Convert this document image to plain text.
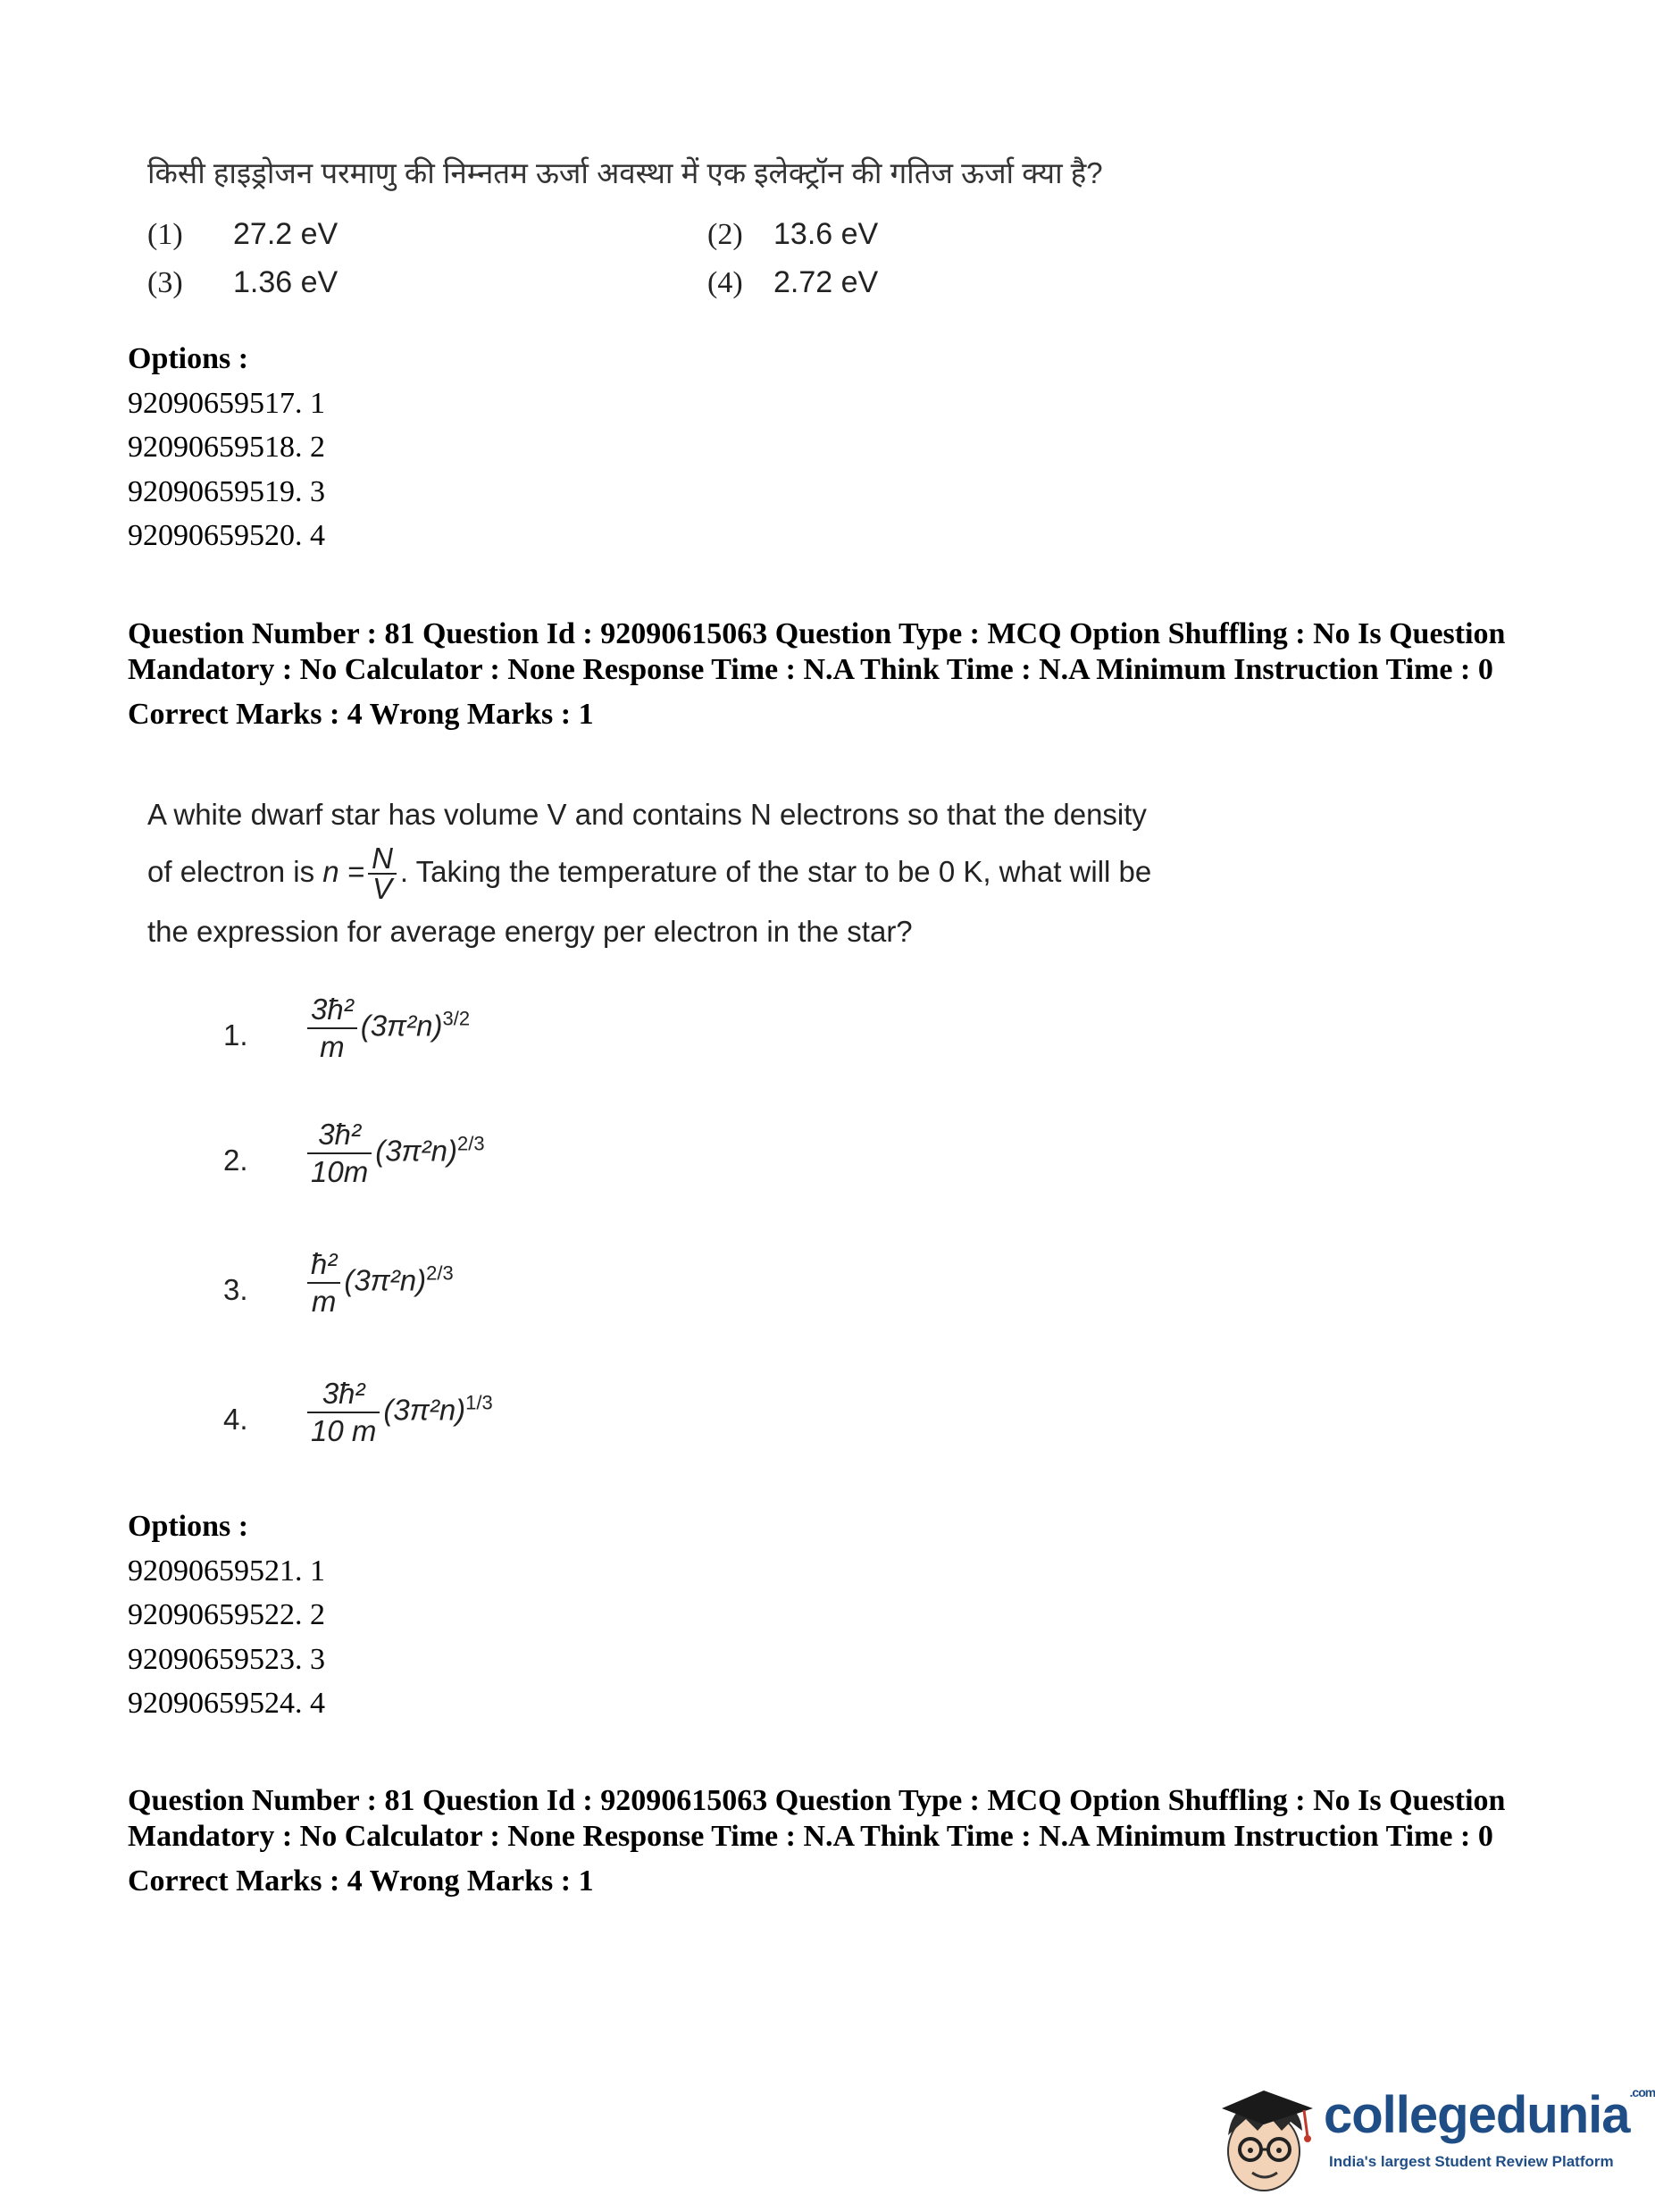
किसी हाइड्रोजन परमाणु की निम्नतम ऊर्जा अवस्था में एक इलेक्ट्रॉन की गतिज ऊर्जा क्या है?
(1) 27.2 eV	(2) 13.6 eV
(3) 1.36 eV	(4) 2.72 eV
Options :
92090659517. 1
92090659518. 2
92090659519. 3
92090659520. 4
Question Number : 81 Question Id : 92090615063 Question Type : MCQ Option Shuffling : No Is Question Mandatory : No Calculator : None Response Time : N.A Think Time : N.A Minimum Instruction Time : 0
Correct Marks : 4 Wrong Marks : 1
A white dwarf star has volume V and contains N electrons so that the density
of electron is $n = \frac{N}{V}$ . Taking the temperature of the star to be 0 K, what will be
the expression for average energy per electron in the star?
1. $\frac{\text{3ħ²}}{m} (3\pi^2n)^{3/2}$
2. $\frac{\text{3ħ²}}{10m} (3\pi^2n)^{2/3}$
3. $\frac{\text{ħ²}}{m} (3\pi^2n)^{2/3}$
4. $\frac{\text{3ħ²}}{10 m} (3\pi^2n)^{1/3}$
Options :
92090659521. 1
92090659522. 2
92090659523. 3
92090659524. 4
Question Number : 81 Question Id : 92090615063 Question Type : MCQ Option Shuffling : No Is Question Mandatory : No Calculator : None Response Time : N.A Think Time : N.A Minimum Instruction Time : 0
Correct Marks : 4 Wrong Marks : 1
collegedunia$^{.com}$
India's largest Student Review Platform
